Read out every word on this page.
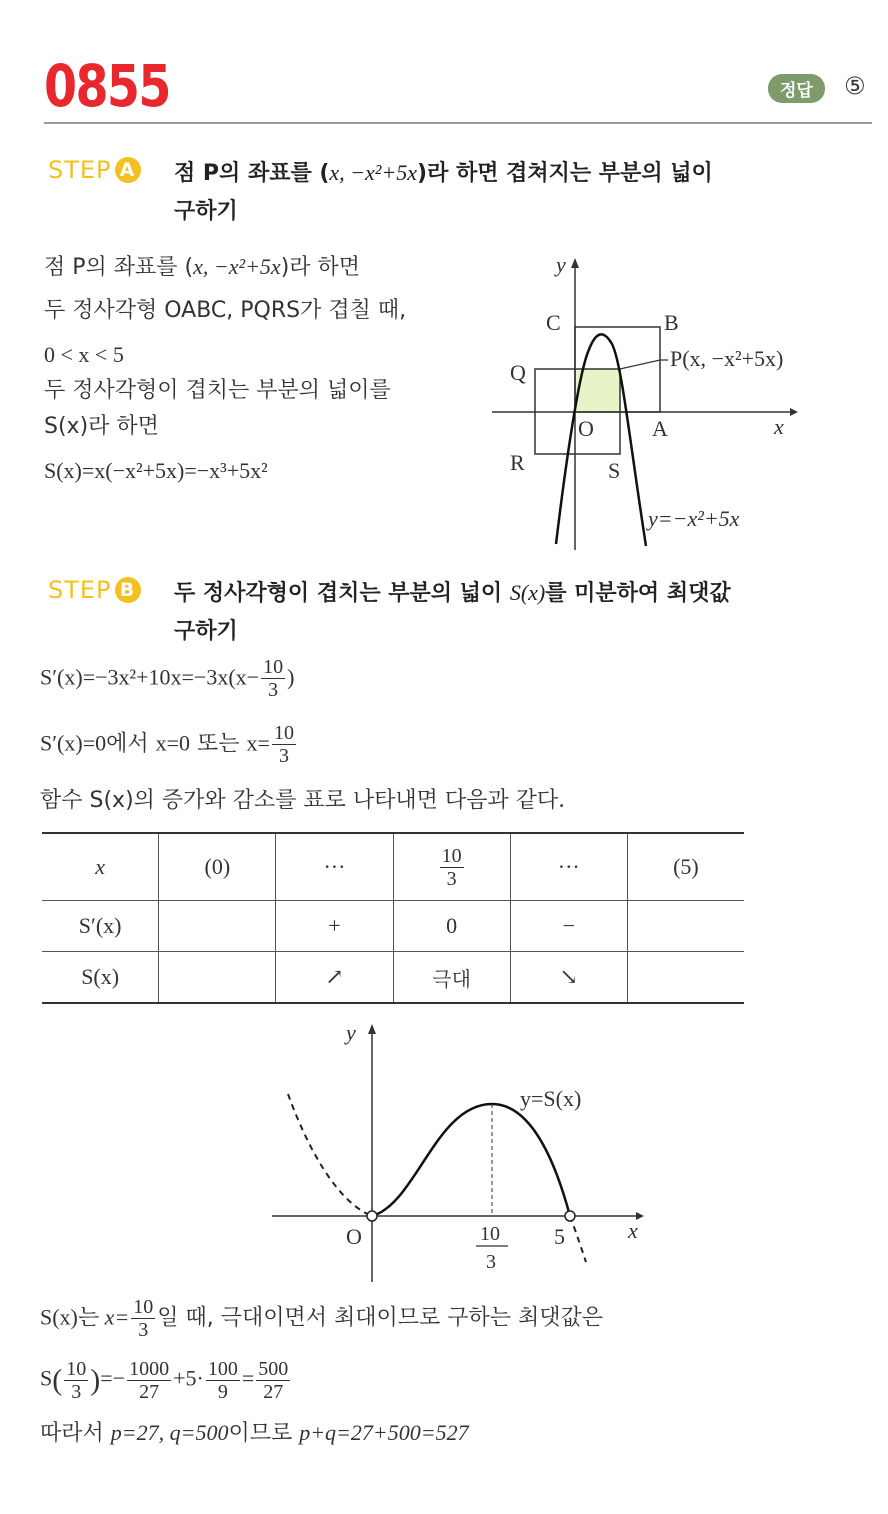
0855	정답	⑤
STEP A 점 P의 좌표를 (x, −x²+5x)라 하면 겹쳐지는 부분의 넓이
구하기
점 P의 좌표를 (x, −x²+5x)라 하면
두 정사각형 OABC, PQRS가 겹칠 때,
0 < x < 5
두 정사각형이 겹치는 부분의 넓이를
S(x)라 하면
S(x)=x(−x²+5x)=−x³+5x²
y
x
C	B
Q
O	A
R	S
P(x, −x²+5x)
y=−x²+5x
STEP B 두 정사각형이 겹치는 부분의 넓이 S(x)를 미분하여 최댓값
구하기
$S'(x)=-3x^2+10x=-3x(x- \frac{10}{3}$ )
S′(x)=0에서 x=0 또는 $x= \frac{10}{3}$
함수 S(x)의 증가와 감소를 표로 나타내면 다음과 같다.
x	(0)	···	$\frac{10}{3}$	···	(5)
S′(x)		+	0	−	
S(x)		↗	극대	↘	
y
x
O
y=S(x)
10
3
5
S(x)는 $x= \frac{10}{3}$ 일 때, 극대이면서 최대이므로 구하는 최댓값은
$S( \frac{10}{3}$ )=− $\frac{1000}{27} +5\cdot \frac{100}{9} = \frac{500}{27}$
따라서 p=27, q=500이므로 p+q=27+500=527
